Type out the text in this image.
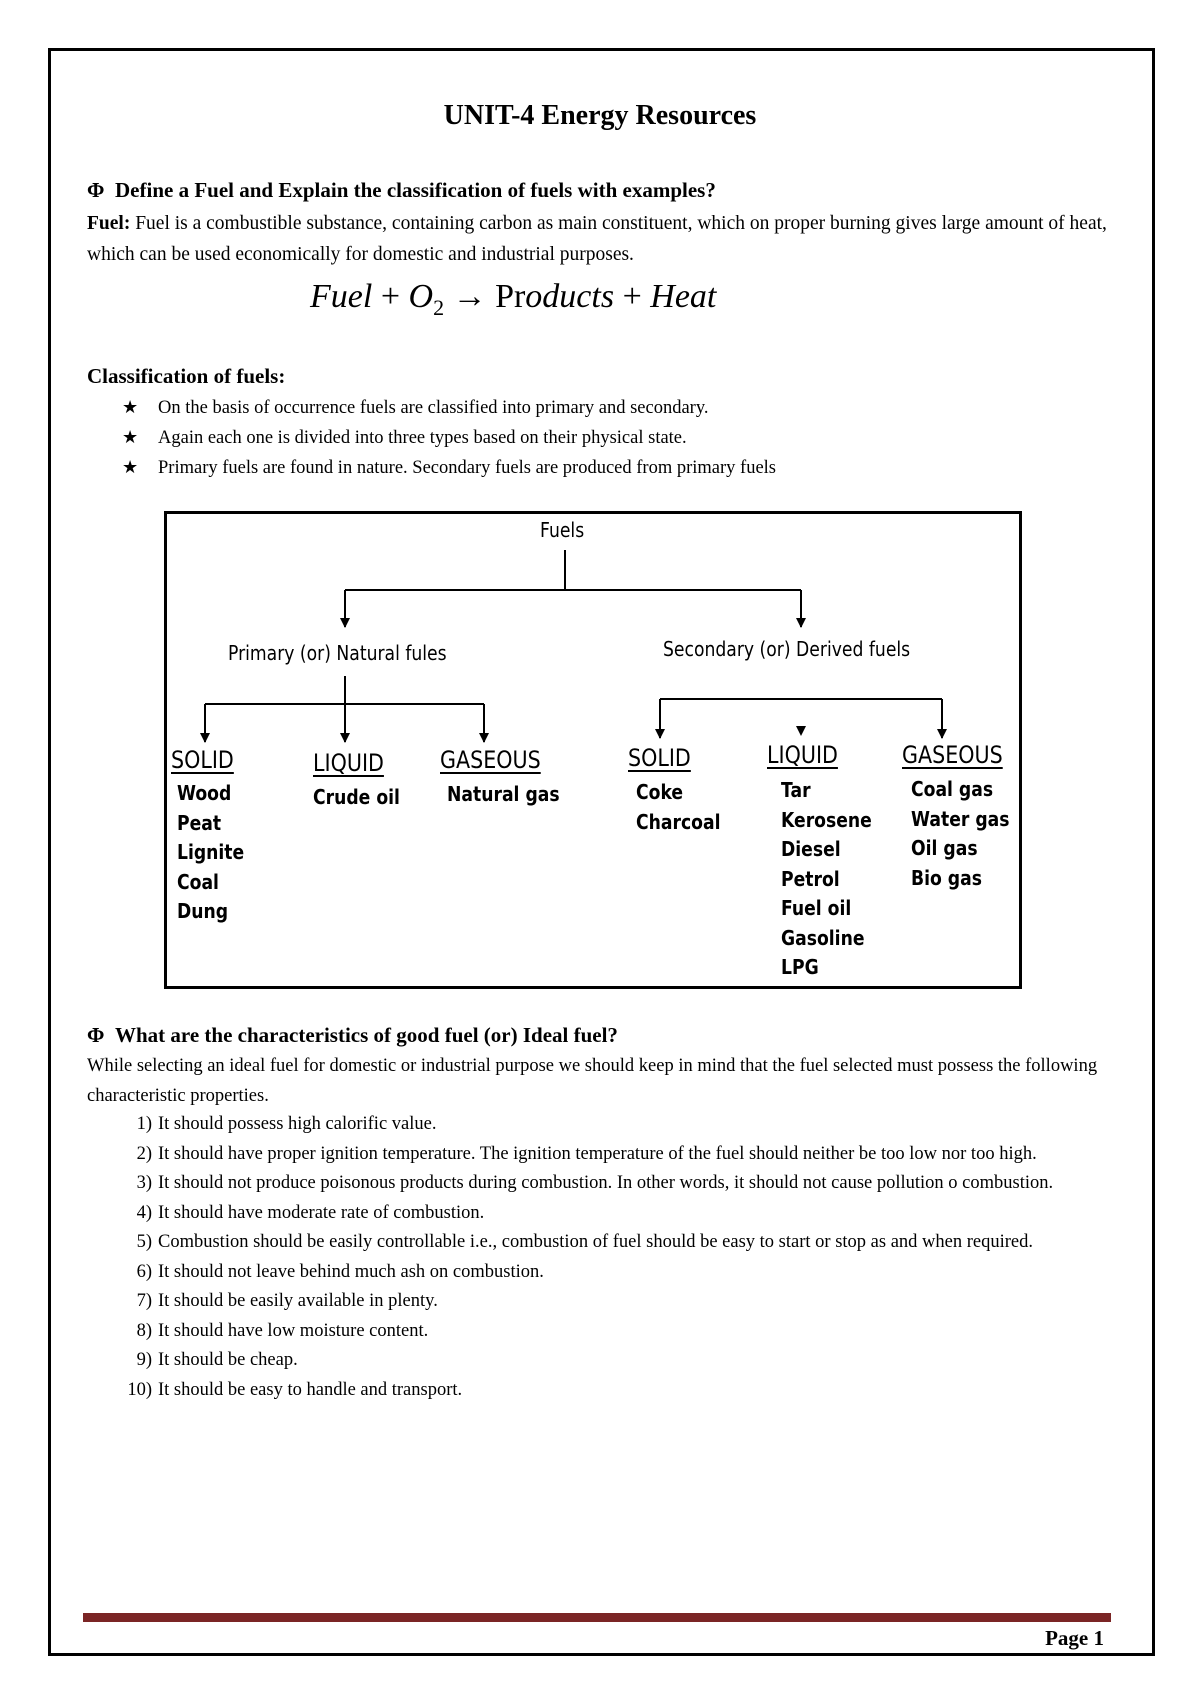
UNIT-4 Energy Resources
Φ Define a Fuel and Explain the classification of fuels with examples?
Fuel: Fuel is a combustible substance, containing carbon as main constituent, which on proper burning gives large amount of heat, which can be used economically for domestic and industrial purposes.
Fuel + $O_2$ → Products + Heat
Classification of fuels:
★ On the basis of occurrence fuels are classified into primary and secondary.
★ Again each one is divided into three types based on their physical state.
★ Primary fuels are found in nature. Secondary fuels are produced from primary fuels
Fuels
Primary (or) Natural fules	Secondary (or) Derived fuels
SOLID
Wood
Peat
Lignite
Coal
Dung
LIQUID
Crude oil
GASEOUS
Natural gas
SOLID
Coke
Charcoal
LIQUID
Tar
Kerosene
Diesel
Petrol
Fuel oil
Gasoline
LPG
GASEOUS
Coal gas
Water gas
Oil gas
Bio gas
Φ What are the characteristics of good fuel (or) Ideal fuel?
While selecting an ideal fuel for domestic or industrial purpose we should keep in mind that the fuel selected must possess the following characteristic properties.
1) It should possess high calorific value.
2) It should have proper ignition temperature. The ignition temperature of the fuel should neither be too low nor too high.
3) It should not produce poisonous products during combustion. In other words, it should not cause pollution o combustion.
4) It should have moderate rate of combustion.
5) Combustion should be easily controllable i.e., combustion of fuel should be easy to start or stop as and when required.
6) It should not leave behind much ash on combustion.
7) It should be easily available in plenty.
8) It should have low moisture content.
9) It should be cheap.
10) It should be easy to handle and transport.
Page 1
